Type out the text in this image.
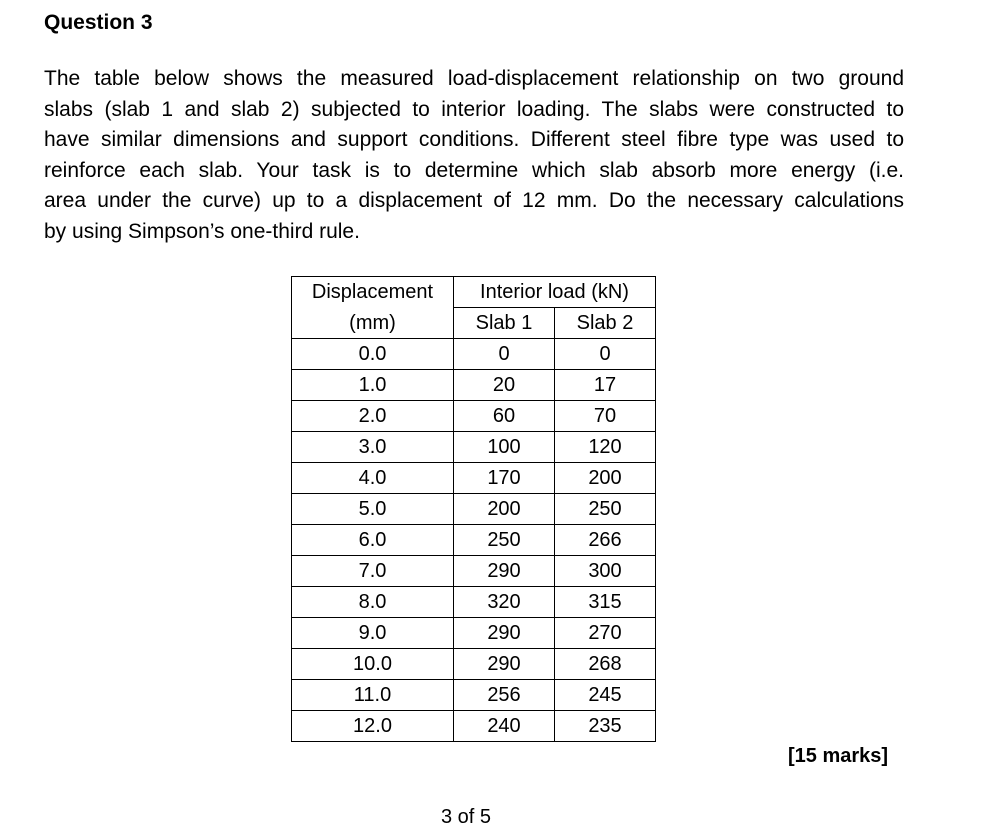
Question 3
The table below shows the measured load-displacement relationship on two ground
slabs (slab 1 and slab 2) subjected to interior loading. The slabs were constructed to
have similar dimensions and support conditions. Different steel fibre type was used to
reinforce each slab. Your task is to determine which slab absorb more energy (i.e.
area under the curve) up to a displacement of 12 mm. Do the necessary calculations
by using Simpson’s one-third rule.
Displacement	Interior load (kN)	
(mm)	Slab 1	Slab 2
0.0	0	0
1.0	20	17
2.0	60	70
3.0	100	120
4.0	170	200
5.0	200	250
6.0	250	266
7.0	290	300
8.0	320	315
9.0	290	270
10.0	290	268
11.0	256	245
12.0	240	235

[15 marks]

3 of 5
